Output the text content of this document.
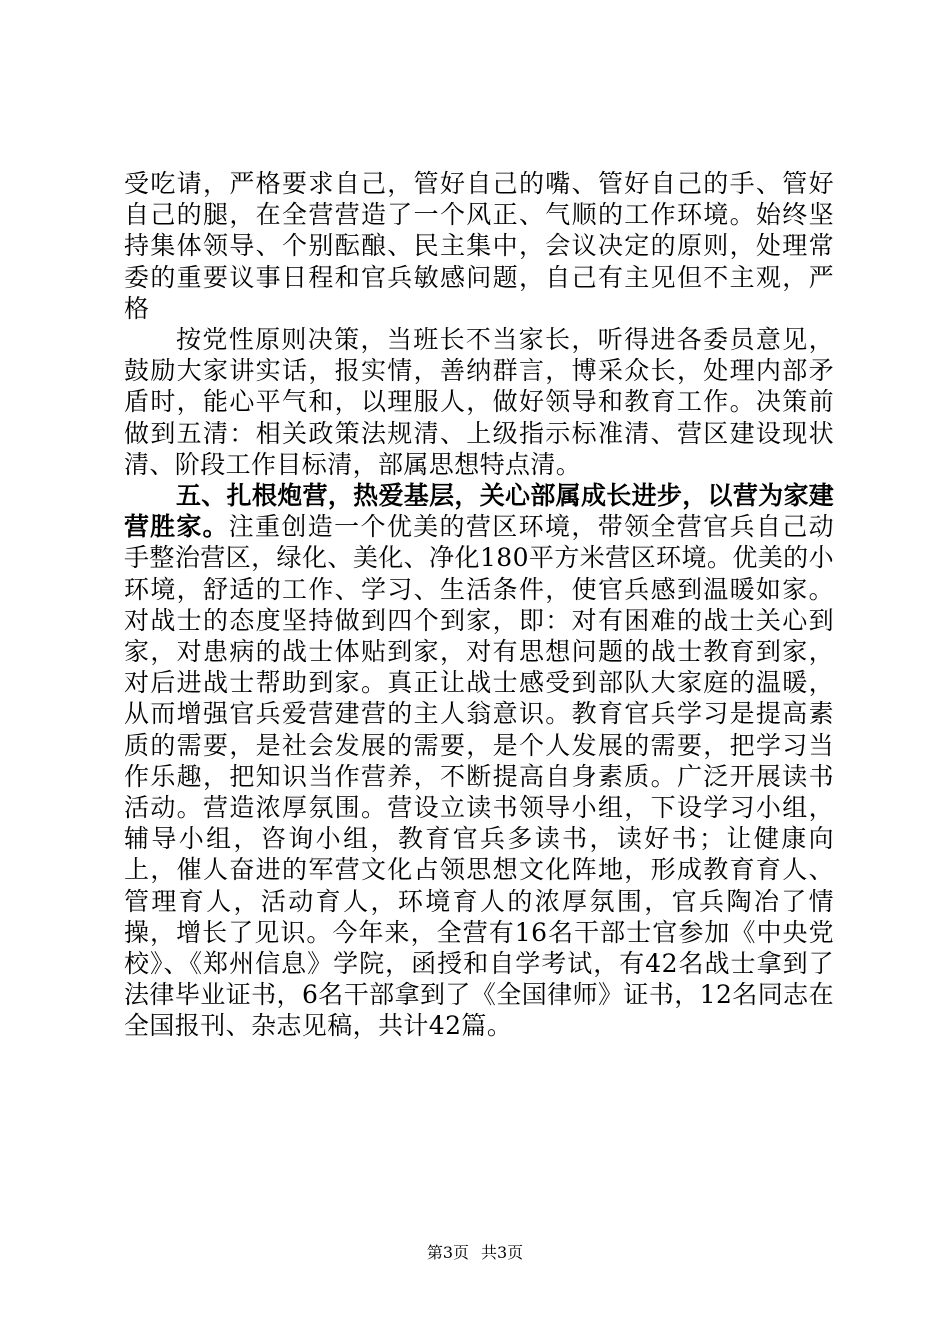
受吃请，严格要求自己，管好自己的嘴、管好自己的手、管好自己的腿，在全营营造了一个风正、气顺的工作环境。始终坚持集体领导、个别酝酿、民主集中，会议决定的原则，处理常委的重要议事日程和官兵敏感问题，自己有主见但不主观，严格

按党性原则决策，当班长不当家长，听得进各委员意见，鼓励大家讲实话，报实情，善纳群言，博采众长，处理内部矛盾时，能心平气和，以理服人，做好领导和教育工作。决策前做到五清：相关政策法规清、上级指示标准清、营区建设现状清、阶段工作目标清，部属思想特点清。

五、扎根炮营，热爱基层，关心部属成长进步，以营为家建营胜家。注重创造一个优美的营区环境，带领全营官兵自己动手整治营区，绿化、美化、净化180平方米营区环境。优美的小环境，舒适的工作、学习、生活条件，使官兵感到温暖如家。对战士的态度坚持做到四个到家，即：对有困难的战士关心到家，对患病的战士体贴到家，对有思想问题的战士教育到家，对后进战士帮助到家。真正让战士感受到部队大家庭的温暖，从而增强官兵爱营建营的主人翁意识。教育官兵学习是提高素质的需要，是社会发展的需要，是个人发展的需要，把学习当作乐趣，把知识当作营养，不断提高自身素质。广泛开展读书活动。营造浓厚氛围。营设立读书领导小组，下设学习小组，辅导小组，咨询小组，教育官兵多读书，读好书；让健康向上，催人奋进的军营文化占领思想文化阵地，形成教育育人、管理育人，活动育人，环境育人的浓厚氛围，官兵陶冶了情操，增长了见识。今年来，全营有16名干部士官参加《中央党校》、《郑州信息》学院，函授和自学考试，有42名战士拿到了法律毕业证书，6名干部拿到了《全国律师》证书，12名同志在全国报刊、杂志见稿，共计42篇。

第3页 共3页
